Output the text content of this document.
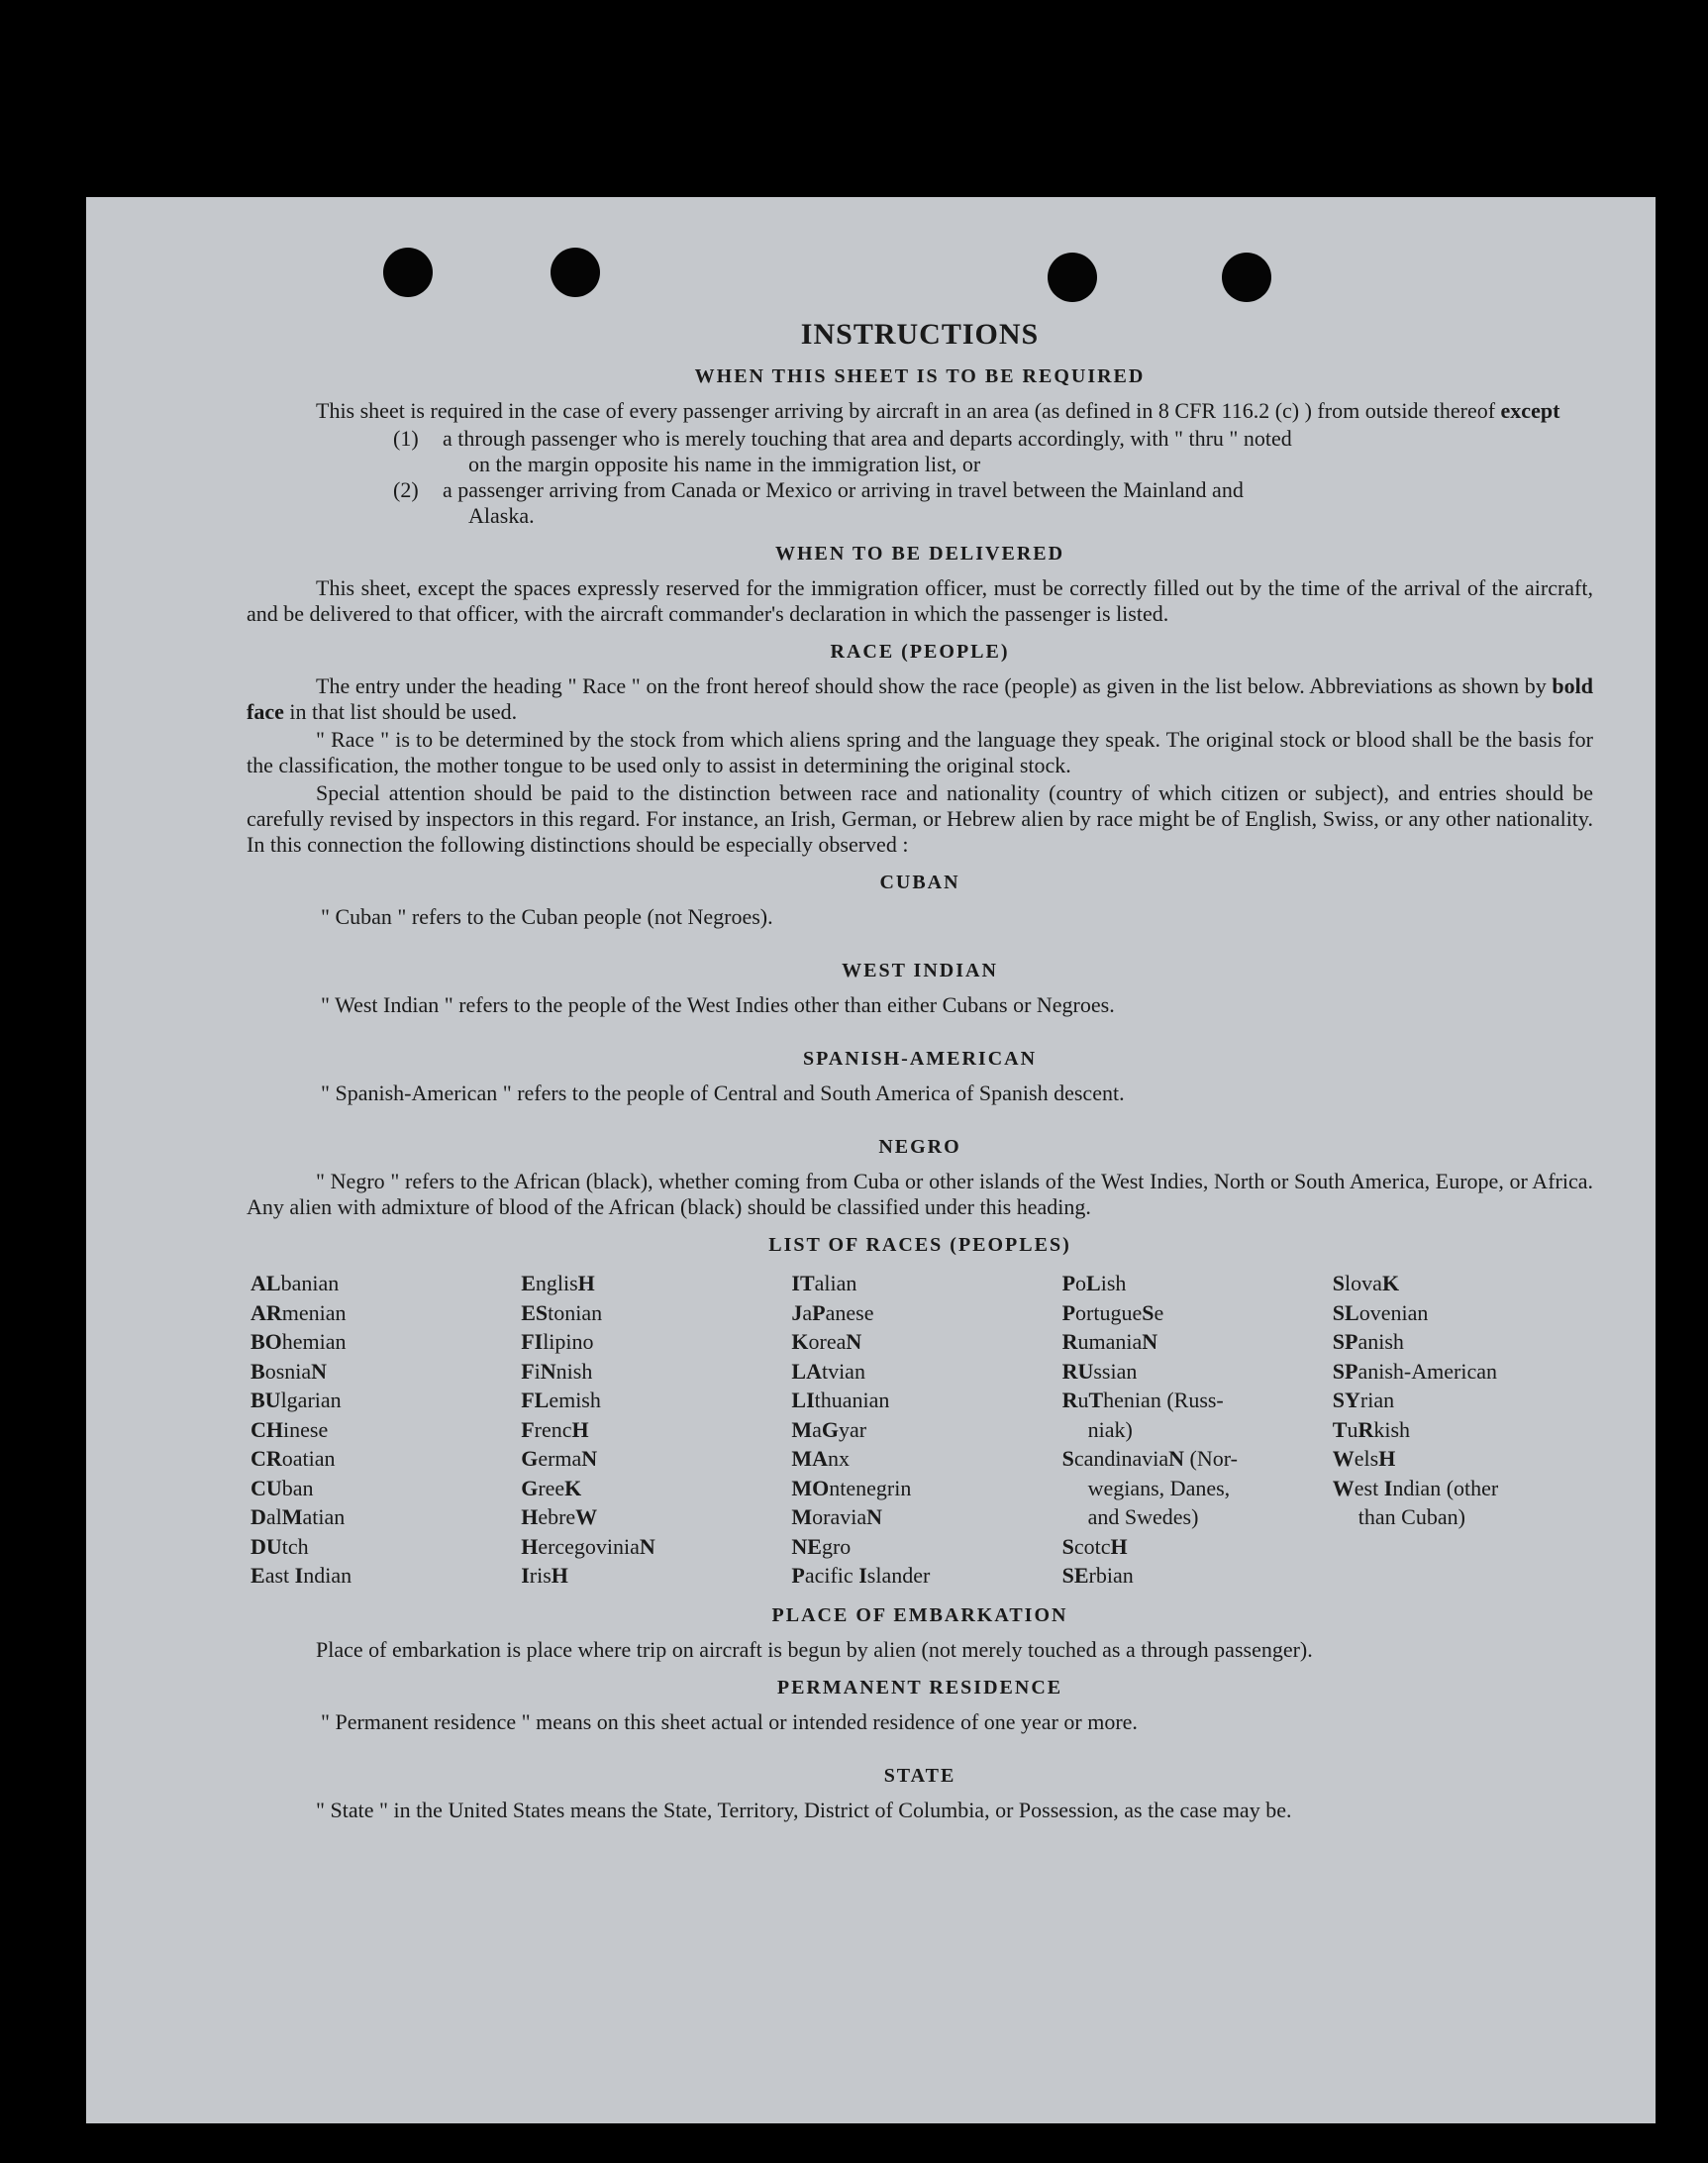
INSTRUCTIONS
WHEN THIS SHEET IS TO BE REQUIRED

This sheet is required in the case of every passenger arriving by aircraft in an area (as defined in 8 CFR 116.2 (c) ) from outside thereof except

(1)	a through passenger who is merely touching that area and departs accordingly, with " thru " noted
on the margin opposite his name in the immigration list, or
(2)	a passenger arriving from Canada or Mexico or arriving in travel between the Mainland and
Alaska.
WHEN TO BE DELIVERED

This sheet, except the spaces expressly reserved for the immigration officer, must be correctly filled out by the time of the arrival of the aircraft, and be delivered to that officer, with the aircraft commander's declaration in which the passenger is listed.

RACE (PEOPLE)

The entry under the heading " Race " on the front hereof should show the race (people) as given in the list below. Abbreviations as shown by bold face in that list should be used.

" Race " is to be determined by the stock from which aliens spring and the language they speak. The original stock or blood shall be the basis for the classification, the mother tongue to be used only to assist in determining the original stock.

Special attention should be paid to the distinction between race and nationality (country of which citizen or subject), and entries should be carefully revised by inspectors in this regard. For instance, an Irish, German, or Hebrew alien by race might be of English, Swiss, or any other nationality. In this connection the following distinctions should be especially observed :

CUBAN

" Cuban " refers to the Cuban people (not Negroes).

WEST INDIAN

" West Indian " refers to the people of the West Indies other than either Cubans or Negroes.

SPANISH-AMERICAN

" Spanish-American " refers to the people of Central and South America of Spanish descent.

NEGRO

" Negro " refers to the African (black), whether coming from Cuba or other islands of the West Indies, North or South America, Europe, or Africa. Any alien with admixture of blood of the African (black) should be classified under this heading.

LIST OF RACES (PEOPLES)
ALbanian
ARmenian
BOhemian
BosniaN
BUlgarian
CHinese
CRoatian
CUban
DalMatian
DUtch
East Indian
EnglisH
EStonian
FIlipino
FiNnish
FLemish
FrencH
GermaN
GreeK
HebreW
HercegoviniaN
IrisH
ITalian
JaPanese
KoreaN
LAtvian
LIthuanian
MaGyar
MAnx
MOntenegrin
MoraviaN
NEgro
Pacific Islander
PoLish
PortugueSe
RumaniaN
RUssian
RuThenian (Russ-
niak)
ScandinaviaN (Nor-
wegians, Danes,
and Swedes)
ScotcH
SErbian
SlovaK
SLovenian
SPanish
SPanish-American
SYrian
TuRkish
WelsH
West Indian (other
than Cuban)
PLACE OF EMBARKATION

Place of embarkation is place where trip on aircraft is begun by alien (not merely touched as a through passenger).

PERMANENT RESIDENCE

" Permanent residence " means on this sheet actual or intended residence of one year or more.

STATE

" State " in the United States means the State, Territory, District of Columbia, or Possession, as the case may be.
